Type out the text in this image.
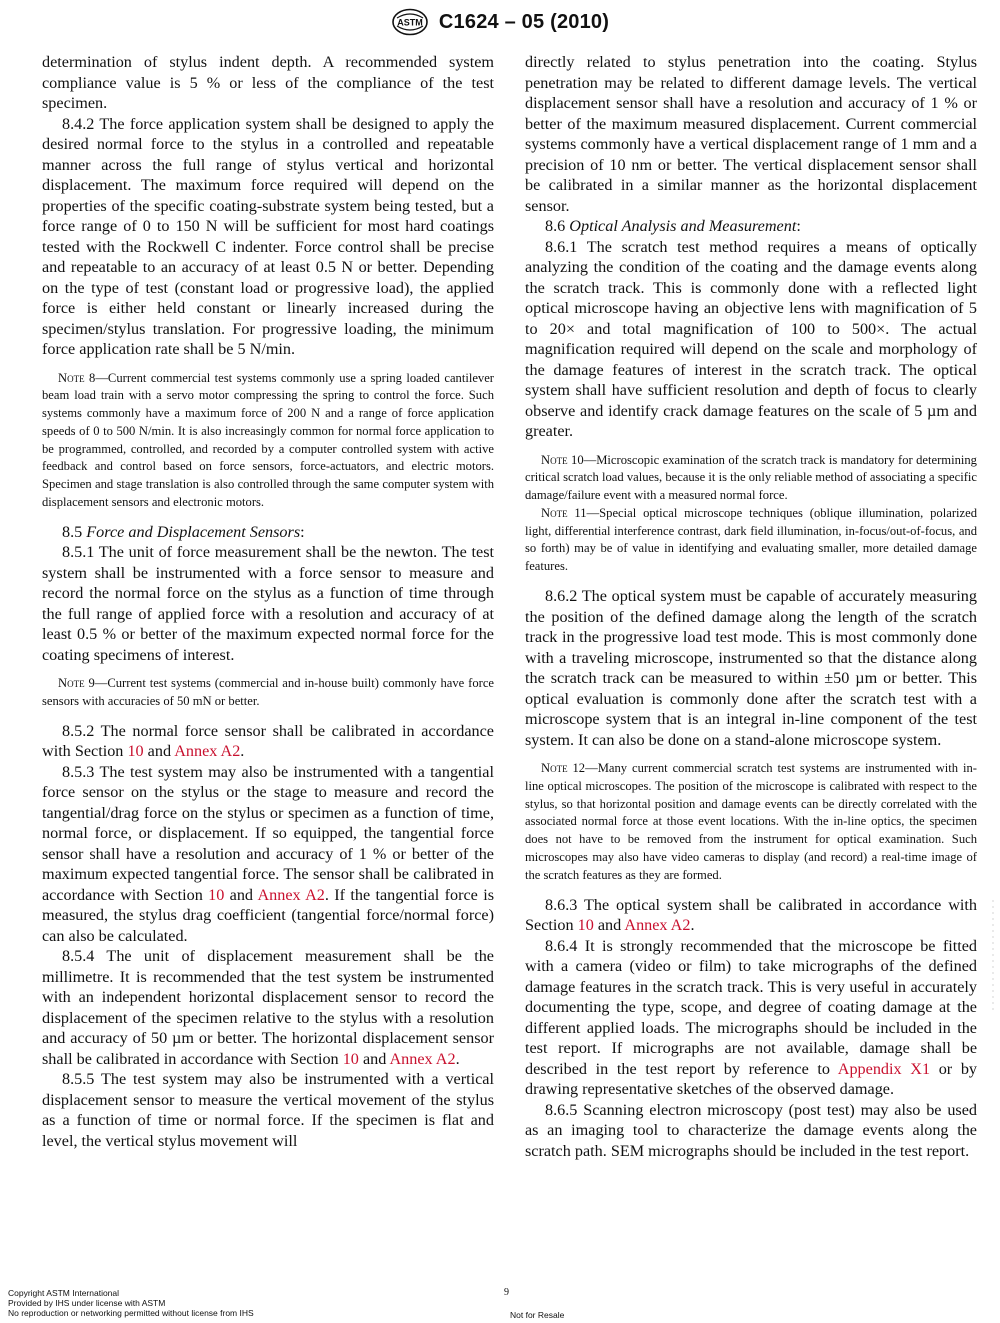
ASTM C1624 – 05 (2010)

determination of stylus indent depth. A recommended system compliance value is 5 % or less of the compliance of the test specimen.

8.4.2 The force application system shall be designed to apply the desired normal force to the stylus in a controlled and repeatable manner across the full range of stylus vertical and horizontal displacement. The maximum force required will depend on the properties of the specific coating-substrate system being tested, but a force range of 0 to 150 N will be sufficient for most hard coatings tested with the Rockwell C indenter. Force control shall be precise and repeatable to an accuracy of at least 0.5 N or better. Depending on the type of test (constant load or progressive load), the applied force is either held constant or linearly increased during the specimen/stylus translation. For progressive loading, the minimum force application rate shall be 5 N/min.

Note 8—Current commercial test systems commonly use a spring loaded cantilever beam load train with a servo motor compressing the spring to control the force. Such systems commonly have a maximum force of 200 N and a range of force application speeds of 0 to 500 N/min. It is also increasingly common for normal force application to be programmed, controlled, and recorded by a computer controlled system with active feedback and control based on force sensors, force-actuators, and electric motors. Specimen and stage translation is also controlled through the same computer system with displacement sensors and electronic motors.

8.5 Force and Displacement Sensors:

8.5.1 The unit of force measurement shall be the newton. The test system shall be instrumented with a force sensor to measure and record the normal force on the stylus as a function of time through the full range of applied force with a resolution and accuracy of at least 0.5 % or better of the maximum expected normal force for the coating specimens of interest.

Note 9—Current test systems (commercial and in-house built) commonly have force sensors with accuracies of 50 mN or better.

8.5.2 The normal force sensor shall be calibrated in accordance with Section 10 and Annex A2.

8.5.3 The test system may also be instrumented with a tangential force sensor on the stylus or the stage to measure and record the tangential/drag force on the stylus or specimen as a function of time, normal force, or displacement. If so equipped, the tangential force sensor shall have a resolution and accuracy of 1 % or better of the maximum expected tangential force. The sensor shall be calibrated in accordance with Section 10 and Annex A2. If the tangential force is measured, the stylus drag coefficient (tangential force/normal force) can also be calculated.

8.5.4 The unit of displacement measurement shall be the millimetre. It is recommended that the test system be instrumented with an independent horizontal displacement sensor to record the displacement of the specimen relative to the stylus with a resolution and accuracy of 50 µm or better. The horizontal displacement sensor shall be calibrated in accordance with Section 10 and Annex A2.

8.5.5 The test system may also be instrumented with a vertical displacement sensor to measure the vertical movement of the stylus as a function of time or normal force. If the specimen is flat and level, the vertical stylus movement will

directly related to stylus penetration into the coating. Stylus penetration may be related to different damage levels. The vertical displacement sensor shall have a resolution and accuracy of 1 % or better of the maximum measured displacement. Current commercial systems commonly have a vertical displacement range of 1 mm and a precision of 10 nm or better. The vertical displacement sensor shall be calibrated in a similar manner as the horizontal displacement sensor.

8.6 Optical Analysis and Measurement:

8.6.1 The scratch test method requires a means of optically analyzing the condition of the coating and the damage events along the scratch track. This is commonly done with a reflected light optical microscope having an objective lens with magnification of 5 to 20× and total magnification of 100 to 500×. The actual magnification required will depend on the scale and morphology of the damage features of interest in the scratch track. The optical system shall have sufficient resolution and depth of focus to clearly observe and identify crack damage features on the scale of 5 µm and greater.

Note 10—Microscopic examination of the scratch track is mandatory for determining critical scratch load values, because it is the only reliable method of associating a specific damage/failure event with a measured normal force.

Note 11—Special optical microscope techniques (oblique illumination, polarized light, differential interference contrast, dark field illumination, in-focus/out-of-focus, and so forth) may be of value in identifying and evaluating smaller, more detailed damage features.

8.6.2 The optical system must be capable of accurately measuring the position of the defined damage along the length of the scratch track in the progressive load test mode. This is most commonly done with a traveling microscope, instrumented so that the distance along the scratch track can be measured to within ±50 µm or better. This optical evaluation is commonly done after the scratch test with a microscope system that is an integral in-line component of the test system. It can also be done on a stand-alone microscope system.

Note 12—Many current commercial scratch test systems are instrumented with in-line optical microscopes. The position of the microscope is calibrated with respect to the stylus, so that horizontal position and damage events can be directly correlated with the associated normal force at those event locations. With the in-line optics, the specimen does not have to be removed from the instrument for optical examination. Such microscopes may also have video cameras to display (and record) a real-time image of the scratch features as they are formed.

8.6.3 The optical system shall be calibrated in accordance with Section 10 and Annex A2.

8.6.4 It is strongly recommended that the microscope be fitted with a camera (video or film) to take micrographs of the defined damage features in the scratch track. This is very useful in accurately documenting the type, scope, and degree of coating damage at the different applied loads. The micrographs should be included in the test report. If micrographs are not available, damage shall be described in the test report by reference to Appendix X1 or by drawing representative sketches of the observed damage.

8.6.5 Scanning electron microscopy (post test) may also be used as an imaging tool to characterize the damage events along the scratch path. SEM micrographs should be included in the test report.

Copyright ASTM International
Provided by IHS under license with ASTM
No reproduction or networking permitted without license from IHS
9
Not for Resale
